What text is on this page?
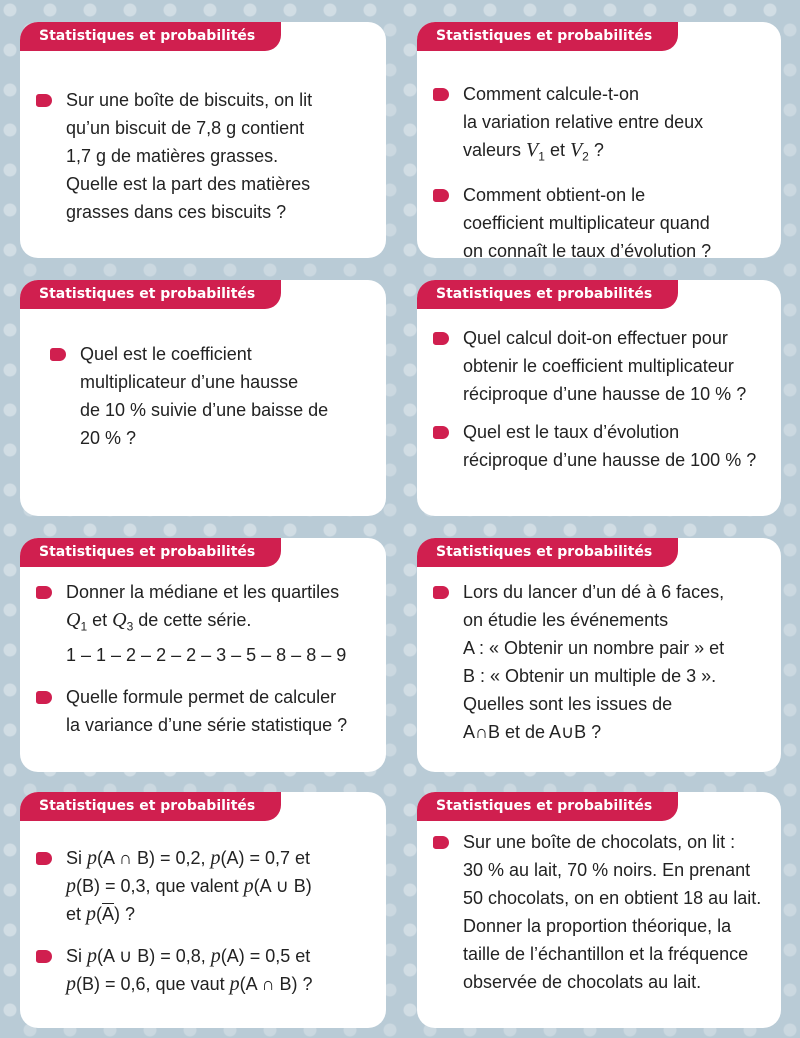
Statistiques et probabilités
Sur une boîte de biscuits, on lit
qu’un biscuit de 7,8 g contient
1,7 g de matières grasses.
Quelle est la part des matières
grasses dans ces biscuits ?
Statistiques et probabilités
Comment calcule-t-on
la variation relative entre deux
valeurs $V_1$ et $V_2$ ?
Comment obtient-on le
coefficient multiplicateur quand
on connaît le taux d’évolution ?
Statistiques et probabilités
Quel est le coefficient
multiplicateur d’une hausse
de 10 % suivie d’une baisse de
20 % ?
Statistiques et probabilités
Quel calcul doit-on effectuer pour
obtenir le coefficient multiplicateur
réciproque d’une hausse de 10 % ?
Quel est le taux d’évolution
réciproque d’une hausse de 100 % ?
Statistiques et probabilités
Donner la médiane et les quartiles
$Q_1$ et $Q_3$ de cette série.
1 – 1 – 2 – 2 – 2 – 3 – 5 – 8 – 8 – 9
Quelle formule permet de calculer
la variance d’une série statistique ?
Statistiques et probabilités
Lors du lancer d’un dé à 6 faces,
on étudie les événements
A : « Obtenir un nombre pair » et
B : « Obtenir un multiple de 3 ».
Quelles sont les issues de
A∩B et de A∪B ?
Statistiques et probabilités
Si p(A ∩ B) = 0,2, p(A) = 0,7 et
p(B) = 0,3, que valent p(A ∪ B)
et $p(\overline{A})$ ?
Si p(A ∪ B) = 0,8, p(A) = 0,5 et
p(B) = 0,6, que vaut p(A ∩ B) ?
Statistiques et probabilités
Sur une boîte de chocolats, on lit :
30 % au lait, 70 % noirs. En prenant
50 chocolats, on en obtient 18 au lait.
Donner la proportion théorique, la
taille de l’échantillon et la fréquence
observée de chocolats au lait.
